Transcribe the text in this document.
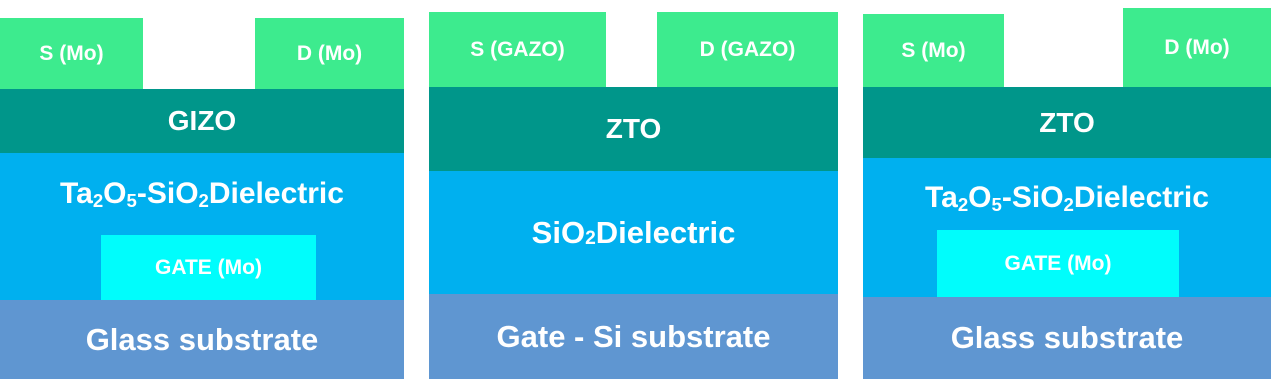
S (Mo)	D (Mo)
GIZO
Ta 2 O 5 -SiO 2 Dielectric
GATE (Mo)
Glass substrate
S (GAZO)	D (GAZO)
ZTO
SiO 2 Dielectric
Gate - Si substrate
S (Mo)	D (Mo)
ZTO
Ta 2 O 5 -SiO 2 Dielectric
GATE (Mo)
Glass substrate
